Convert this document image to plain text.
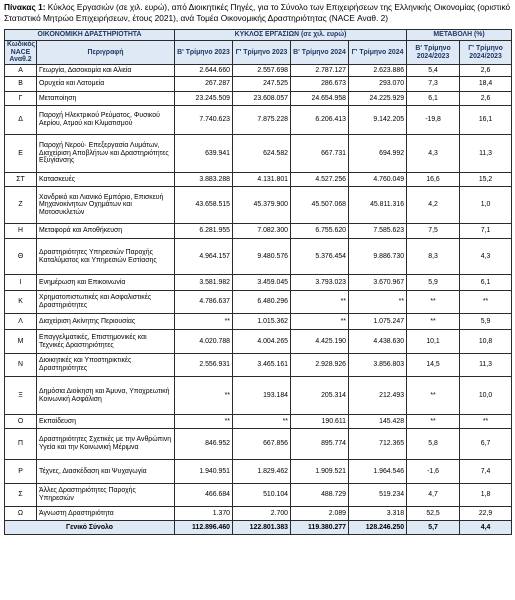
Πίνακας 1: Κύκλος Εργασιών (σε χιλ. ευρώ), από Διοικητικές Πηγές, για το Σύνολο των Επιχειρήσεων της Ελληνικής Οικονομίας (οριστικό Στατιστικό Μητρώο Επιχειρήσεων, έτους 2021), ανά Τομέα Οικονομικής Δραστηριότητας (NACE Αναθ. 2)
ΟΙΚΟΝΟΜΙΚΗ ΔΡΑΣΤΗΡΙΟΤΗΤΑ		ΚΥΚΛΟΣ ΕΡΓΑΣΙΩΝ (σε χιλ. ευρώ)				ΜΕΤΑΒΟΛΗ (%)	
Κωδικός NACE Αναθ.2	Περιγραφή	Β' Τρίμηνο 2023	Γ' Τρίμηνο 2023	Β' Τρίμηνο 2024	Γ' Τρίμηνο 2024	Β' Τρίμηνο 2024/2023	Γ' Τρίμηνο 2024/2023
Α	Γεωργία, Δασοκομία και Αλιεία	2.644.660	2.557.698	2.787.127	2.623.886	5,4	2,6
Β	Ορυχεία και Λατομεία	267.287	247.525	286.673	293.070	7,3	18,4
Γ	Μεταποίηση	23.245.509	23.608.057	24.654.958	24.225.929	6,1	2,6
Δ	Παροχή Ηλεκτρικού Ρεύματος, Φυσικού Αερίου, Ατμού και Κλιματισμού	7.740.623	7.875.228	6.206.413	9.142.205	-19,8	16,1
Ε	Παροχή Νερού· Επεξεργασία Λυμάτων, Διαχείριση Αποβλήτων και Δραστηριότητες Εξυγίανσης	639.941	624.582	667.731	694.992	4,3	11,3
ΣΤ	Κατασκευές	3.883.288	4.131.801	4.527.256	4.760.049	16,6	15,2
Ζ	Χονδρικό και Λιανικό Εμπόριο, Επισκευή Μηχανοκίνητων Οχημάτων και Μοτοσυκλετών	43.658.515	45.379.900	45.507.068	45.811.316	4,2	1,0
Η	Μεταφορά και Αποθήκευση	6.281.955	7.082.300	6.755.620	7.585.623	7,5	7,1
Θ	Δραστηριότητες Υπηρεσιών Παροχής Καταλύματος και Υπηρεσιών Εστίασης	4.964.157	9.480.576	5.376.454	9.886.730	8,3	4,3
Ι	Ενημέρωση και Επικοινωνία	3.581.982	3.459.045	3.793.023	3.670.967	5,9	6,1
Κ	Χρηματοπιστωτικές και Ασφαλιστικές Δραστηριότητες	4.786.637	6.480.296	**	**	**	**
Λ	Διαχείριση Ακίνητης Περιουσίας	**	1.015.362	**	1.075.247	**	5,9
Μ	Επαγγελματικές, Επιστημονικές και Τεχνικές Δραστηριότητες	4.020.788	4.004.265	4.425.190	4.438.630	10,1	10,8
Ν	Διοικητικές και Υποστηρικτικές Δραστηριότητες	2.556.931	3.465.161	2.928.926	3.856.803	14,5	11,3
Ξ	Δημόσια Διοίκηση και Άμυνα, Υποχρεωτική Κοινωνική Ασφάλιση	**	193.184	205.314	212.493	**	10,0
Ο	Εκπαίδευση	**	**	190.611	145.428	**	**
Π	Δραστηριότητες Σχετικές με την Ανθρώπινη Υγεία και την Κοινωνική Μέριμνα	846.952	667.856	895.774	712.365	5,8	6,7
Ρ	Τέχνες, Διασκέδαση και Ψυχαγωγία	1.940.951	1.829.462	1.909.521	1.964.546	-1,6	7,4
Σ	Άλλες Δραστηριότητες Παροχής Υπηρεσιών	466.684	510.104	488.729	519.234	4,7	1,8
Ω	Άγνωστη Δραστηριότητα	1.370	2.700	2.089	3.318	52,5	22,9
Γενικό Σύνολο		112.896.460	122.801.383	119.380.277	128.246.250	5,7	4,4
